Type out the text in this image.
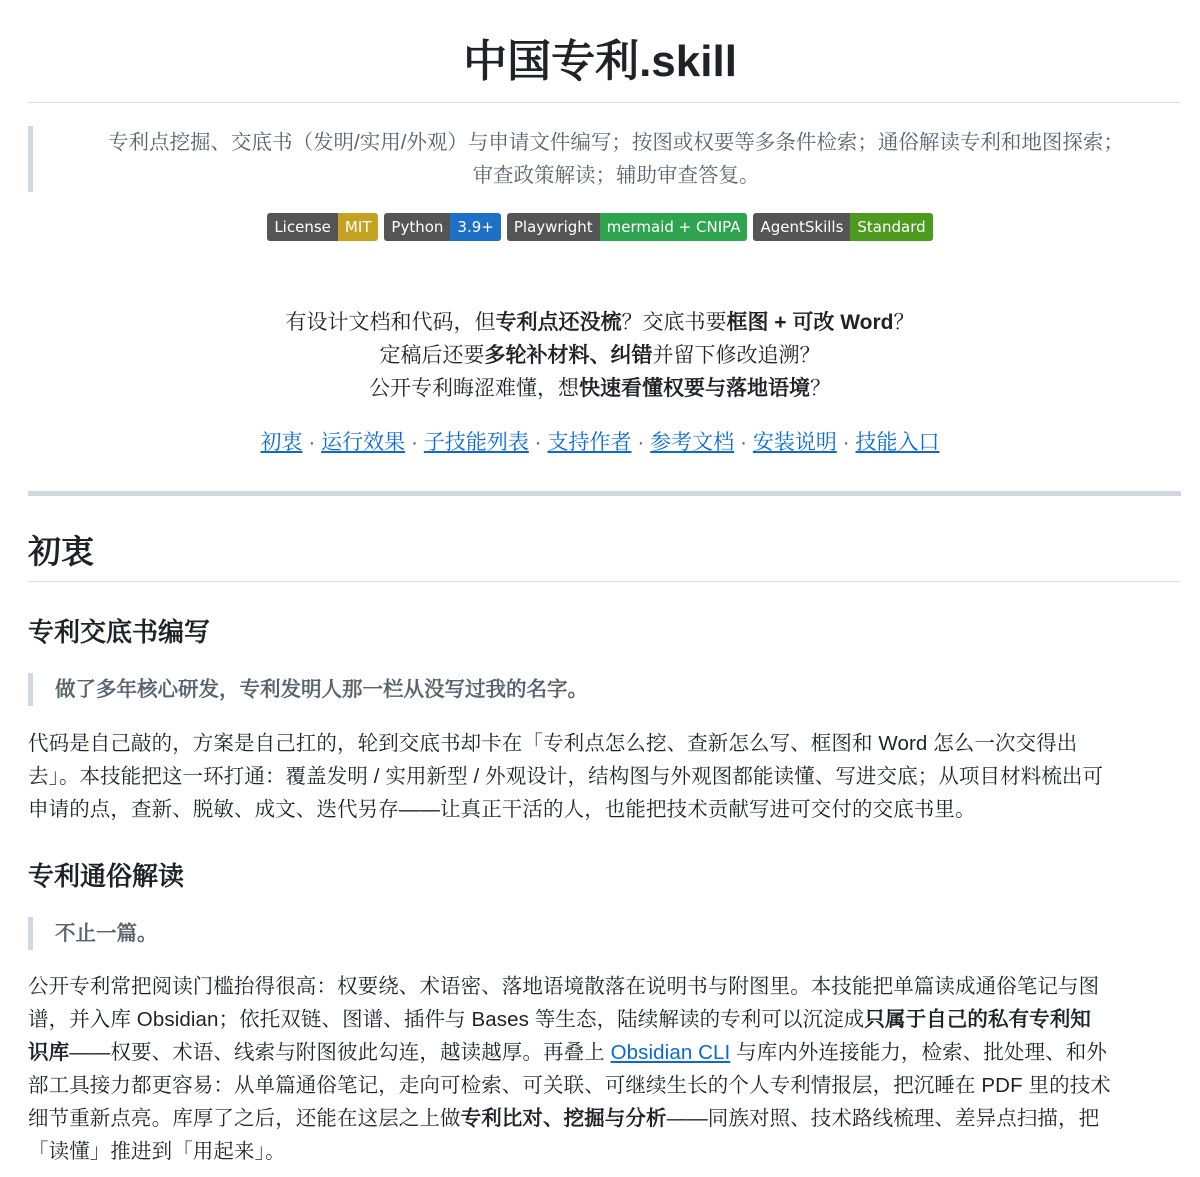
中国专利.skill
专利点挖掘、交底书（发明/实用/外观）与申请文件编写；按图或权要等多条件检索；通俗解读专利和地图探索；
审查政策解读；辅助审查答复。
License MIT Python 3.9+ Playwright mermaid + CNIPA AgentSkills Standard
有设计文档和代码，但专利点还没梳？交底书要框图 + 可改 Word？
定稿后还要多轮补材料、纠错并留下修改追溯？
公开专利晦涩难懂，想快速看懂权要与落地语境？
初衷 · 运行效果 · 子技能列表 · 支持作者 · 参考文档 · 安装说明 · 技能入口
初衷
专利交底书编写
做了多年核心研发，专利发明人那一栏从没写过我的名字。
代码是自己敲的，方案是自己扛的，轮到交底书却卡在「专利点怎么挖、查新怎么写、框图和 Word 怎么一次交得出
去」。本技能把这一环打通：覆盖发明 / 实用新型 / 外观设计，结构图与外观图都能读懂、写进交底；从项目材料梳出可
申请的点，查新、脱敏、成文、迭代另存——让真正干活的人，也能把技术贡献写进可交付的交底书里。
专利通俗解读
不止一篇。
公开专利常把阅读门槛抬得很高：权要绕、术语密、落地语境散落在说明书与附图里。本技能把单篇读成通俗笔记与图
谱，并入库 Obsidian；依托双链、图谱、插件与 Bases 等生态，陆续解读的专利可以沉淀成只属于自己的私有专利知
识库——权要、术语、线索与附图彼此勾连，越读越厚。再叠上 Obsidian CLI 与库内外连接能力，检索、批处理、和外
部工具接力都更容易：从单篇通俗笔记，走向可检索、可关联、可继续生长的个人专利情报层，把沉睡在 PDF 里的技术
细节重新点亮。库厚了之后，还能在这层之上做专利比对、挖掘与分析——同族对照、技术路线梳理、差异点扫描，把
「读懂」推进到「用起来」。
